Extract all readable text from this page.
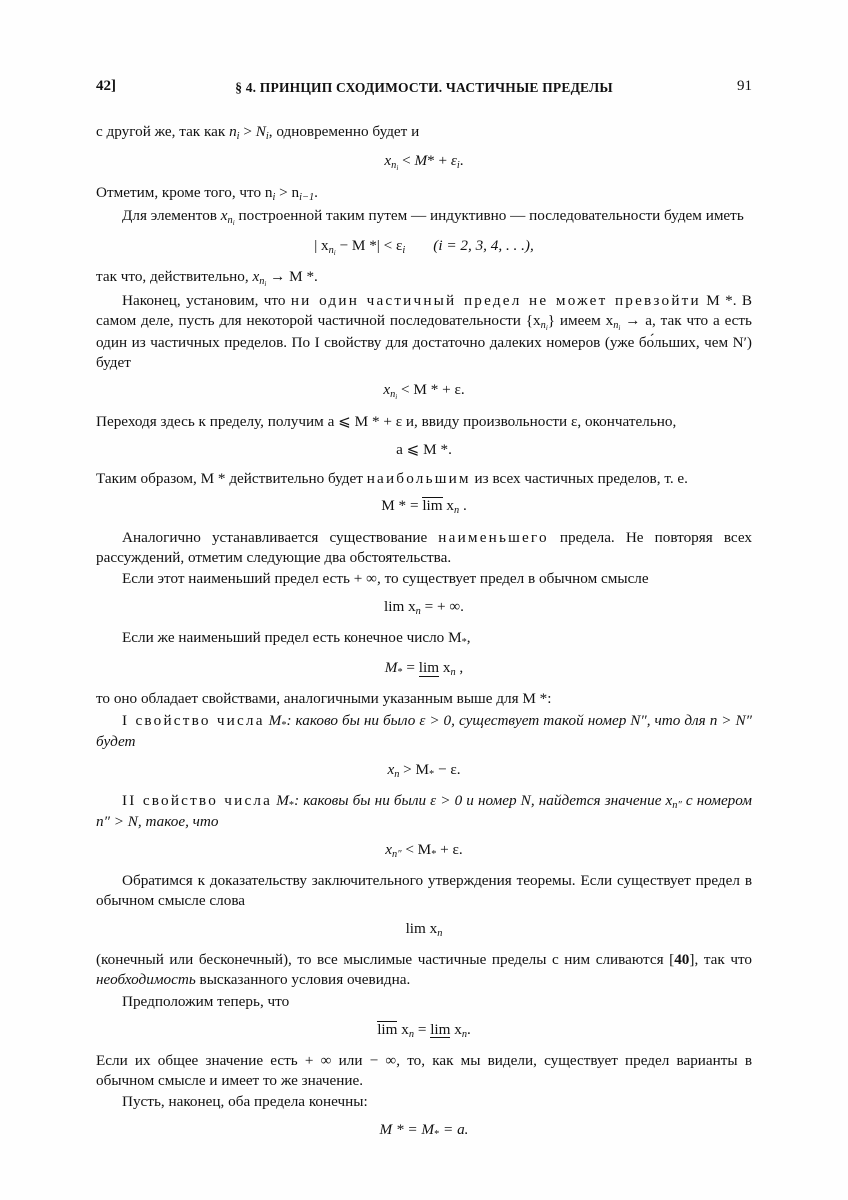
42]	§ 4. ПРИНЦИП СХОДИМОСТИ. ЧАСТИЧНЫЕ ПРЕДЕЛЫ	91

с другой же, так как $n_i > N_i$, одновременно будет и

$x_{n_i} < M* + \varepsilon_i$.

Отметим, кроме того, что $n_i > n_{i-1}$.

Для элементов $x_{n_i}$ построенной таким путем — индуктивно — последовательности будем иметь

| $x_{n_i} - M$ *| < $\varepsilon_i$ (i = 2, 3, 4, . . .),

так что, действительно, $x_{n_i} \to M$ *.

Наконец, установим, что ни один частичный предел не может превзойти M *. В самом деле, пусть для некоторой частичной последовательности $\{x_{n_i}\}$ имеем $x_{n_i} \to a$, так что a есть один из частичных пределов. По I свойству для достаточно далеких номеров (уже бо́льших, чем N′) будет

$x_{n_i} < M$ * + ε.

Переходя здесь к пределу, получим a ⩽ M * + ε и, ввиду произвольности ε, окончательно,

a ⩽ M *.

Таким образом, M * действительно будет наибольшим из всех частичных пределов, т. е.

M * = $\lim x_n$ .

Аналогично устанавливается существование наименьшего предела. Не повторяя всех рассуждений, отметим следующие два обстоятельства.

Если этот наименьший предел есть + ∞, то существует предел в обычном смысле

$\lim x_n$ = + ∞.

Если же наименьший предел есть конечное число $M_*$,

$M_* = \lim x_n$ ,

то оно обладает свойствами, аналогичными указанным выше для M *:

I свойство числа $M_*$: каково бы ни было ε > 0, существует такой номер N″, что для n > N″ будет

$x_n > M_* - \varepsilon$.

II свойство числа $M_*$: каковы бы ни были ε > 0 и номер N, найдется значение $x_{n''}$ с номером n″ > N, такое, что

$x_{n''} < M_* + \varepsilon$.

Обратимся к доказательству заключительного утверждения теоремы. Если существует предел в обычном смысле слова

$\lim x_n$

(конечный или бесконечный), то все мыслимые частичные пределы с ним сливаются [40], так что необходимость высказанного условия очевидна.

Предположим теперь, что

$\lim x_n = \lim x_n$.

Если их общее значение есть + ∞ или − ∞, то, как мы видели, существует предел варианты в обычном смысле и имеет то же значение.

Пусть, наконец, оба предела конечны:

M * = $M_* = a$.
